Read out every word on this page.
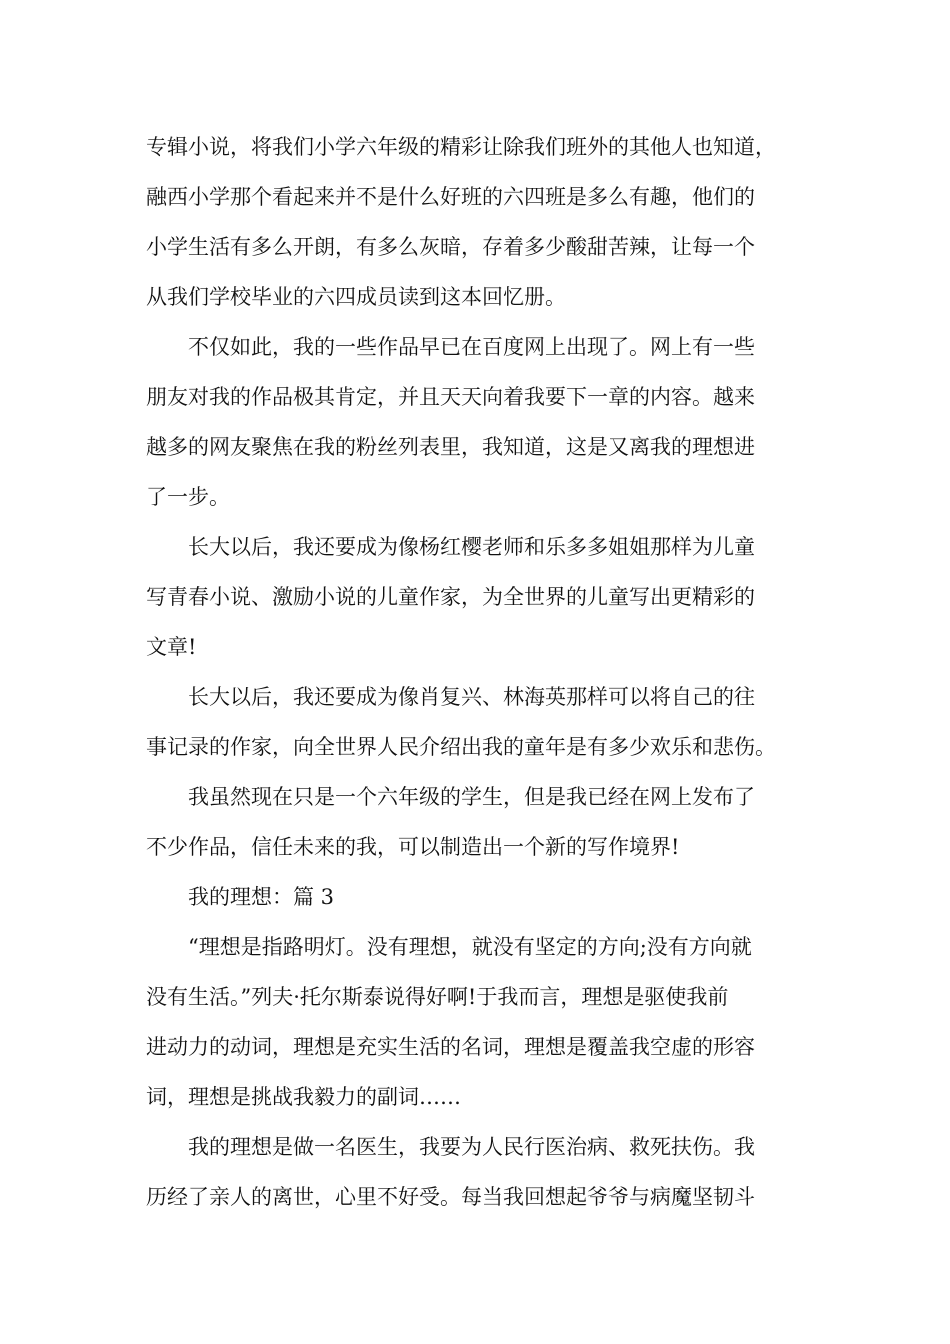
专辑小说，将我们小学六年级的精彩让除我们班外的其他人也知道，
融西小学那个看起来并不是什么好班的六四班是多么有趣，他们的
小学生活有多么开朗，有多么灰暗，存着多少酸甜苦辣，让每一个
从我们学校毕业的六四成员读到这本回忆册。
不仅如此，我的一些作品早已在百度网上出现了。网上有一些
朋友对我的作品极其肯定，并且天天向着我要下一章的内容。越来
越多的网友聚焦在我的粉丝列表里，我知道，这是又离我的理想进
了一步。
长大以后，我还要成为像杨红樱老师和乐多多姐姐那样为儿童
写青春小说、激励小说的儿童作家，为全世界的儿童写出更精彩的
文章!
长大以后，我还要成为像肖复兴、林海英那样可以将自己的往
事记录的作家，向全世界人民介绍出我的童年是有多少欢乐和悲伤。
我虽然现在只是一个六年级的学生，但是我已经在网上发布了
不少作品，信任未来的我，可以制造出一个新的写作境界!
我的理想：篇 3
“理想是指路明灯。没有理想，就没有坚定的方向;没有方向就
没有生活。”列夫·托尔斯泰说得好啊!于我而言，理想是驱使我前
进动力的动词，理想是充实生活的名词，理想是覆盖我空虚的形容
词，理想是挑战我毅力的副词……
我的理想是做一名医生，我要为人民行医治病、救死扶伤。我
历经了亲人的离世，心里不好受。每当我回想起爷爷与病魔坚韧斗
